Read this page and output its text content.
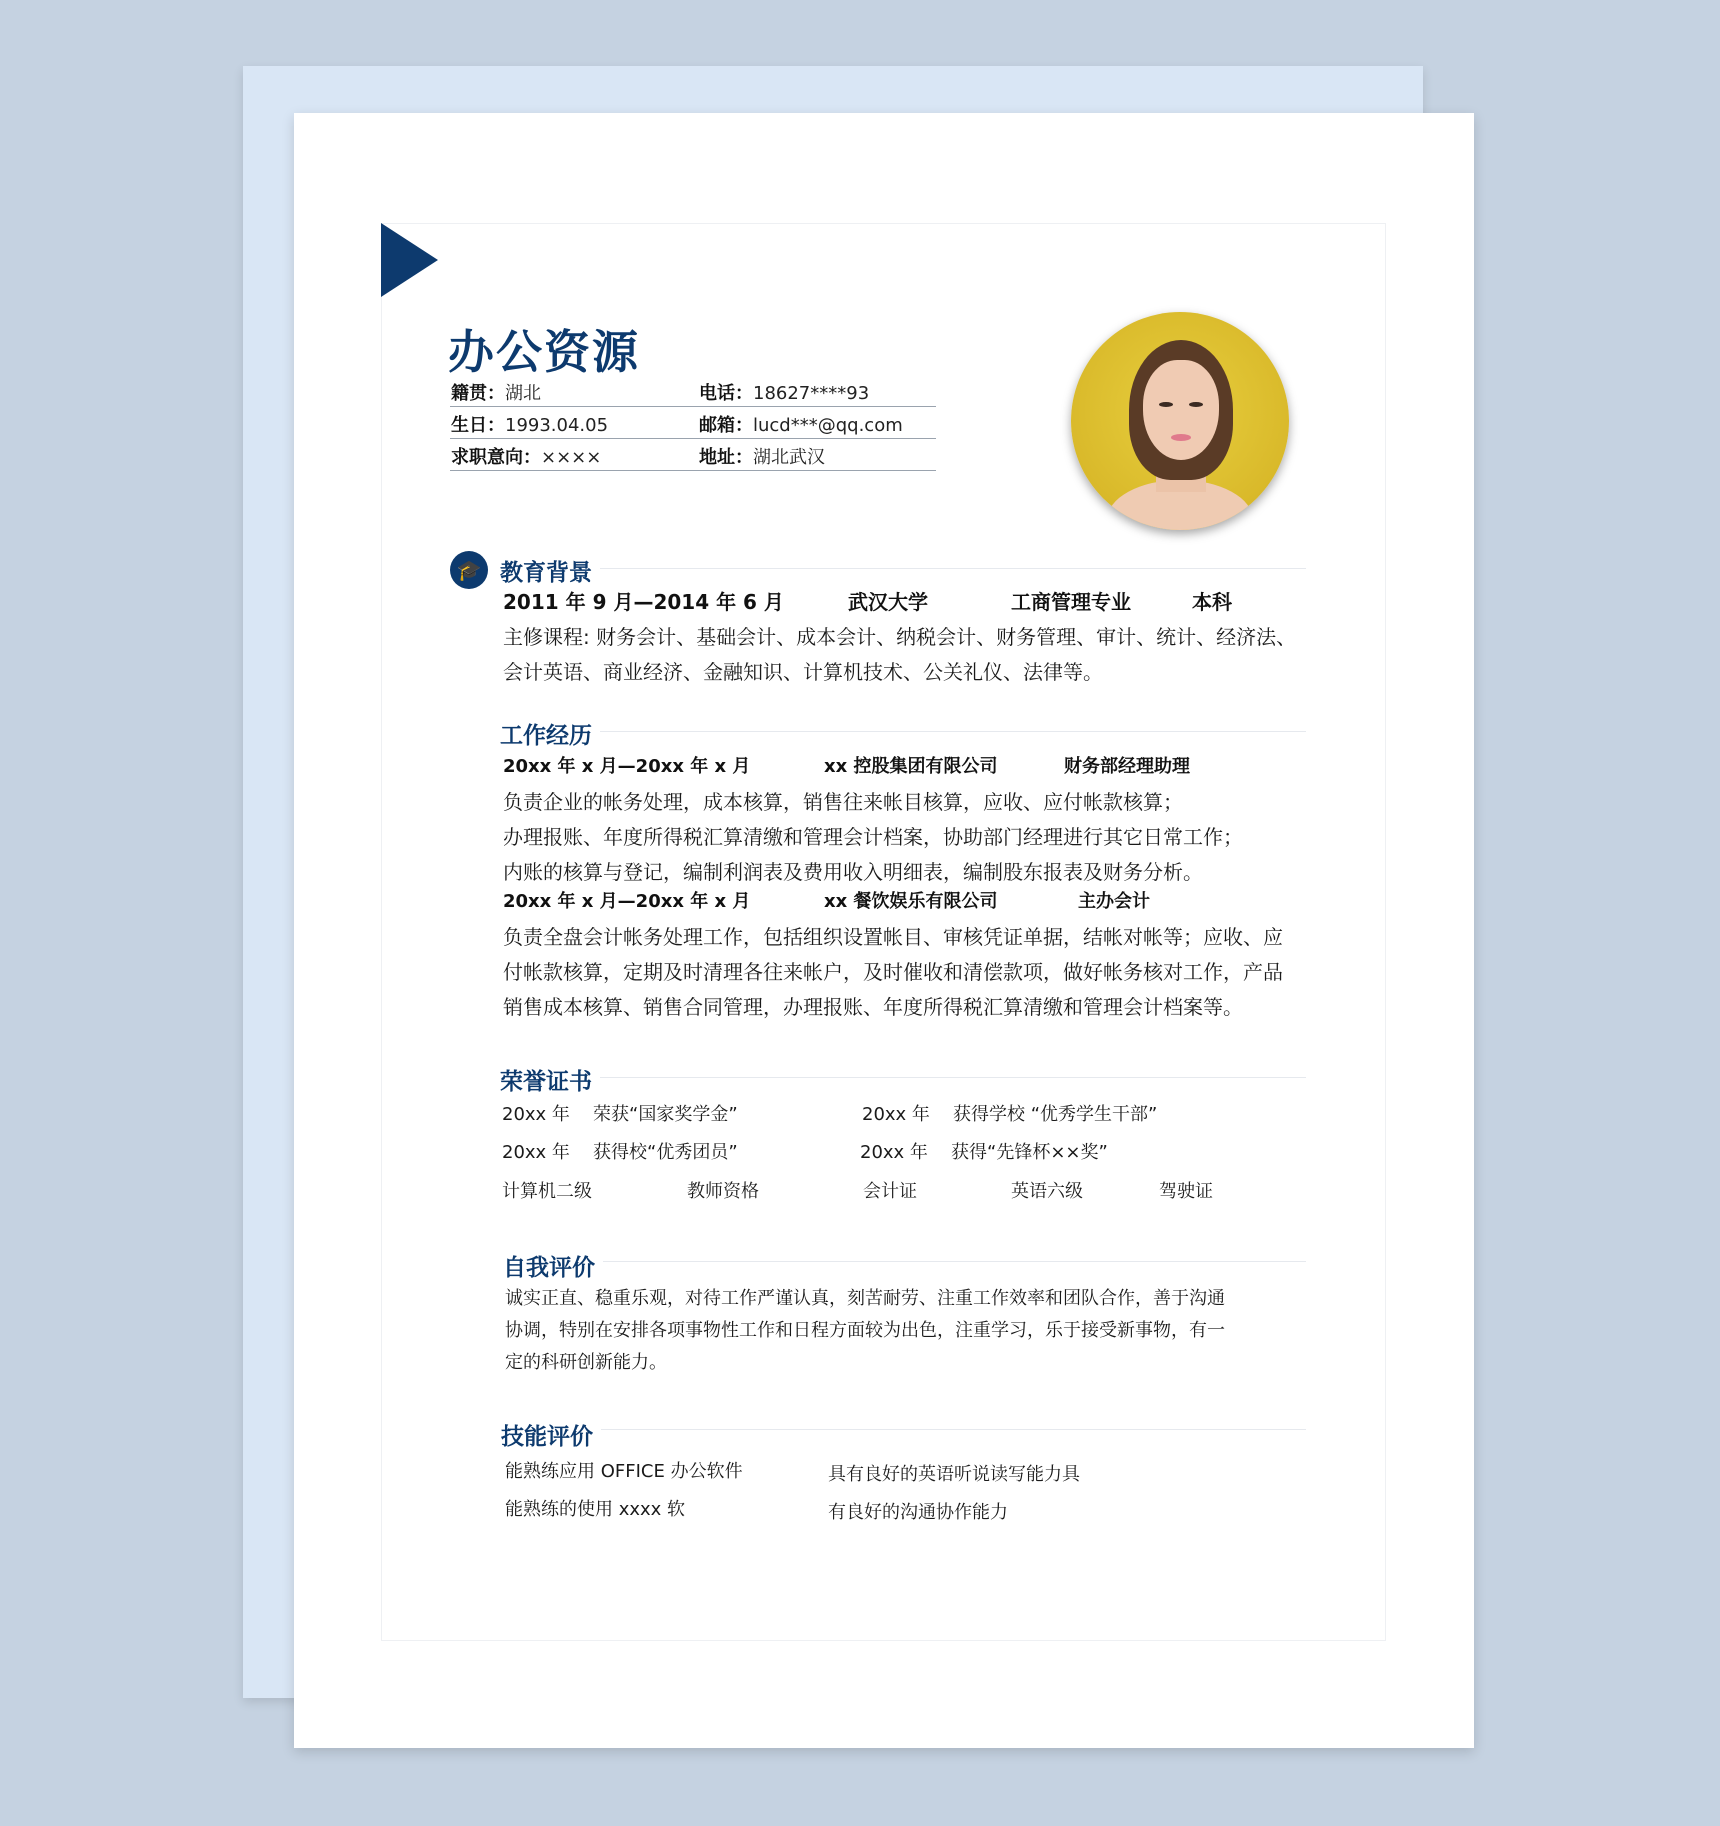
办公资源
籍贯：湖北	电话：18627****93
生日：1993.04.05	邮箱：lucd***@qq.com
求职意向：××××	地址：湖北武汉
🎓 教育背景
2011 年 9 月—2014 年 6 月	武汉大学	工商管理专业	本科
主修课程: 财务会计、基础会计、成本会计、纳税会计、财务管理、审计、统计、经济法、
会计英语、商业经济、金融知识、计算机技术、公关礼仪、法律等。
工作经历
20xx 年 x 月—20xx 年 x 月	xx 控股集团有限公司	财务部经理助理
负责企业的帐务处理，成本核算，销售往来帐目核算，应收、应付帐款核算；
办理报账、年度所得税汇算清缴和管理会计档案，协助部门经理进行其它日常工作；
内账的核算与登记，编制利润表及费用收入明细表，编制股东报表及财务分析。
20xx 年 x 月—20xx 年 x 月	xx 餐饮娱乐有限公司	主办会计
负责全盘会计帐务处理工作，包括组织设置帐目、审核凭证单据，结帐对帐等；应收、应
付帐款核算，定期及时清理各往来帐户，及时催收和清偿款项，做好帐务核对工作，产品
销售成本核算、销售合同管理，办理报账、年度所得税汇算清缴和管理会计档案等。
荣誉证书
20xx 年 荣获“国家奖学金”	20xx 年 获得学校 “优秀学生干部”
20xx 年 获得校“优秀团员”	20xx 年 获得“先锋杯××奖”
计算机二级	教师资格	会计证	英语六级	驾驶证
自我评价
诚实正直、稳重乐观，对待工作严谨认真，刻苦耐劳、注重工作效率和团队合作，善于沟通
协调，特别在安排各项事物性工作和日程方面较为出色，注重学习，乐于接受新事物，有一
定的科研创新能力。
技能评价
能熟练应用 OFFICE 办公软件	具有良好的英语听说读写能力具
能熟练的使用 xxxx 软	有良好的沟通协作能力
